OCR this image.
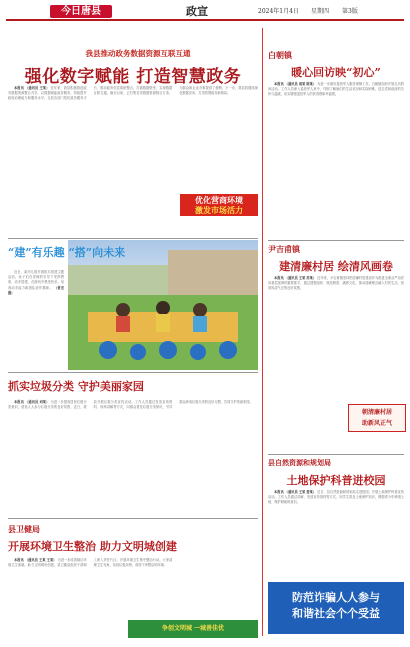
今日唐县	政宣	2024年1月4日 星期四 第3版
我县推动政务数据资源互联互通
强化数字赋能 打造智慧政务

本报讯 （通讯员 王某） 近年来，我县积极推进政务数据资源整合共享，以数据赋能政务服务，持续提升政府治理能力和服务水平。全县各部门依托政务服务平台，推动政务信息系统整合，打破数据壁垒，实现数据互联互通。截至目前，已归集各类数据资源数百万条，为群众和企业办事提供了便利。下一步，我县将继续深化数据应用，打造智慧政务新格局。

优化营商环境
激发市场活力
“建”有乐趣 “搭”向未来

近日，某幼儿园开展积木搭建主题活动，孩子们在老师的引导下发挥想象，动手搭建，在游戏中感受快乐，培养动手能力和团队协作精神。 （贾宏 摄）

抓实垃圾分类 守护美丽家园

本报讯 （通讯员 刘某） 为进一步提高居民垃圾分类意识，营造人人参与垃圾分类的良好氛围，近日，我县开展垃圾分类宣传活动。工作人员通过发放宣传资料、现场讲解等方式，向群众普及垃圾分类知识，引导群众养成垃圾分类的良好习惯，共同守护美丽家园。

县卫健局
开展环境卫生整治 助力文明城创建

本报讯 （通讯员 王某 王某） 为进一步改善辖区环境卫生面貌，助力文明城市创建，县卫健局组织干部职工深入责任片区，开展环境卫生集中整治行动。大家清理卫生死角，捡拾垃圾杂物，营造干净整洁的环境。

争创文明城 一城善佳优
白朝镇
暖心回访映“初心”

本报讯 （通讯员 周某 陈某） 为进一步做好退役军人服务保障工作，白朝镇组织开展走访慰问活动。工作人员深入退役军人家中，详细了解他们的生活状况和实际困难，送去党和政府的关怀与温暖，切实增强退役军人的获得感和幸福感。

尹吉甫镇
建清廉村居 绘清风画卷

本报讯 （通讯员 王某 苏某） 近年来，尹吉甫镇坚持把清廉村居建设作为推进全面从严治党向基层延伸的重要抓手，通过建强组织、规范制度、涵养文化，推动清廉理念融入村民生活，营造风清气正的良好氛围。

朝清廉村居
助新风正气
县自然资源和规划局
土地保护科普进校园

本报讯 （通讯员 王某 姜某） 近日，县自然资源和规划局走进校园，开展土地保护科普宣传活动。工作人员通过讲解、发放宣传资料等方式，向学生普及土地保护知识，增强青少年珍惜土地、保护耕地的意识。

防范诈骗人人参与
和谐社会个个受益
